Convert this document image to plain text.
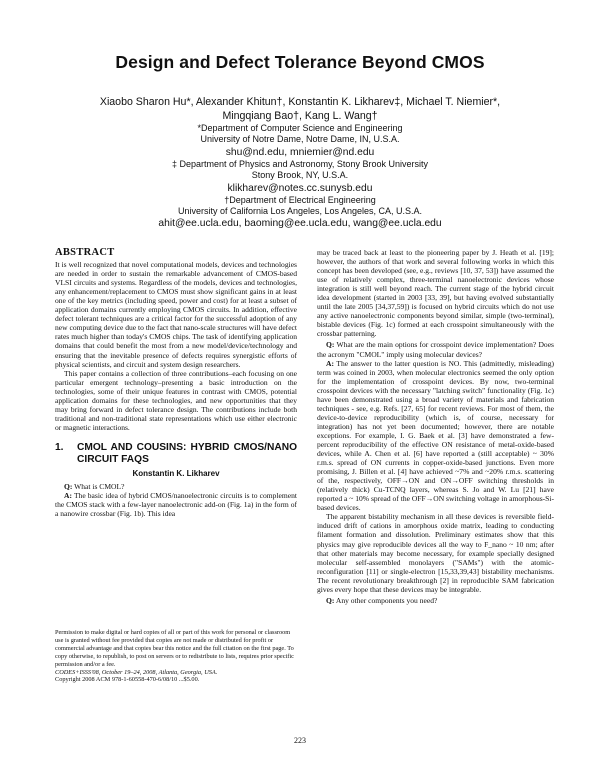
Design and Defect Tolerance Beyond CMOS

Xiaobo Sharon Hu*, Alexander Khitun†, Konstantin K. Likharev‡, Michael T. Niemier*,

Mingqiang Bao†, Kang L. Wang†

*Department of Computer Science and Engineering

University of Notre Dame, Notre Dame, IN, U.S.A.

shu@nd.edu, mniemier@nd.edu

‡ Department of Physics and Astronomy, Stony Brook University

Stony Brook, NY, U.S.A.

klikharev@notes.cc.sunysb.edu

†Department of Electrical Engineering

University of California Los Angeles, Los Angeles, CA, U.S.A.

ahit@ee.ucla.edu, baoming@ee.ucla.edu, wang@ee.ucla.edu

ABSTRACT

It is well recognized that novel computational models, devices and technologies are needed in order to sustain the remarkable advancement of CMOS-based VLSI circuits and systems. Regardless of the models, devices and technologies, any enhancement/replacement to CMOS must show significant gains in at least one of the key metrics (including speed, power and cost) for at least a subset of application domains currently employing CMOS circuits. In addition, effective defect tolerant techniques are a critical factor for the successful adoption of any new computing device due to the fact that nano-scale structures will have defect rates much higher than today's CMOS chips. The task of identifying application domains that could benefit the most from a new model/device/technology and ensuring that the inevitable presence of defects requires synergistic efforts of physical scientists, and circuit and system design researchers.

This paper contains a collection of three contributions–each focusing on one particular emergent technology–presenting a basic introduction on the technologies, some of their unique features in contrast with CMOS, potential application domains for these technologies, and new opportunities that they may bring forward in defect tolerance design. The contributions include both traditional and non-traditional state representations which use either electronic or magnetic interactions.

1.	CMOL AND COUSINS: HYBRID CMOS/NANO CIRCUIT FAQS
Konstantin K. Likharev

Q: What is CMOL?

A: The basic idea of hybrid CMOS/nanoelectronic circuits is to complement the CMOS stack with a few-layer nanoelectronic add-on (Fig. 1a) in the form of a nanowire crossbar (Fig. 1b). This idea

Permission to make digital or hard copies of all or part of this work for personal or classroom use is granted without fee provided that copies are not made or distributed for profit or commercial advantage and that copies bear this notice and the full citation on the first page. To copy otherwise, to republish, to post on servers or to redistribute to lists, requires prior specific permission and/or a fee.

CODES+ISSS'08, October 19–24, 2008, Atlanta, Georgia, USA.

Copyright 2008 ACM 978-1-60558-470-6/08/10 ...$5.00.

may be traced back at least to the pioneering paper by J. Heath et al. [19]; however, the authors of that work and several following works in which this concept has been developed (see, e.g., reviews [10, 37, 53]) have assumed the use of relatively complex, three-terminal nanoelectronic devices whose integration is still well beyond reach. The current stage of the hybrid circuit idea development (started in 2003 [33, 39], but having evolved substantially until the late 2005 [34,37,59]) is focused on hybrid circuits which do not use any active nanoelectronic components beyond similar, simple (two-terminal), bistable devices (Fig. 1c) formed at each crosspoint simultaneously with the crossbar patterning.

Q: What are the main options for crosspoint device implementation? Does the acronym "CMOL" imply using molecular devices?

A: The answer to the latter question is NO. This (admittedly, misleading) term was coined in 2003, when molecular electronics seemed the only option for the implementation of crosspoint devices. By now, two-terminal crosspoint devices with the necessary "latching switch" functionality (Fig. 1c) have been demonstrated using a broad variety of materials and fabrication techniques - see, e.g. Refs. [27, 65] for recent reviews. For most of them, the device-to-device reproducibility (which is, of course, necessary for integration) has not yet been documented; however, there are notable exceptions. For example, I. G. Baek et al. [3] have demonstrated a few-percent reproducibility of the effective ON resistance of metal-oxide-based devices, while A. Chen et al. [6] have reported a (still acceptable) ~ 30% r.m.s. spread of ON currents in copper-oxide-based junctions. Even more promising, J. Billen et al. [4] have achieved ~7% and ~20% r.m.s. scattering of the, respectively, OFF→ON and ON→OFF switching thresholds in (relatively thick) Cu-TCNQ layers, whereas S. Jo and W. Lu [21] have reported a ~ 10% spread of the OFF→ON switching voltage in amorphous-Si-based devices.

The apparent bistability mechanism in all these devices is reversible field-induced drift of cations in amorphous oxide matrix, leading to conducting filament formation and dissolution. Preliminary estimates show that this physics may give reproducible devices all the way to F_nano ~ 10 nm; after that other materials may become necessary, for example specially designed molecular self-assembled monolayers ("SAMs") with the atomic-reconfiguration [11] or single-electron [15,33,39,43] bistability mechanisms. The recent revolutionary breakthrough [2] in reproducible SAM fabrication gives every hope that these devices may be integrable.

Q: Any other components you need?

223
